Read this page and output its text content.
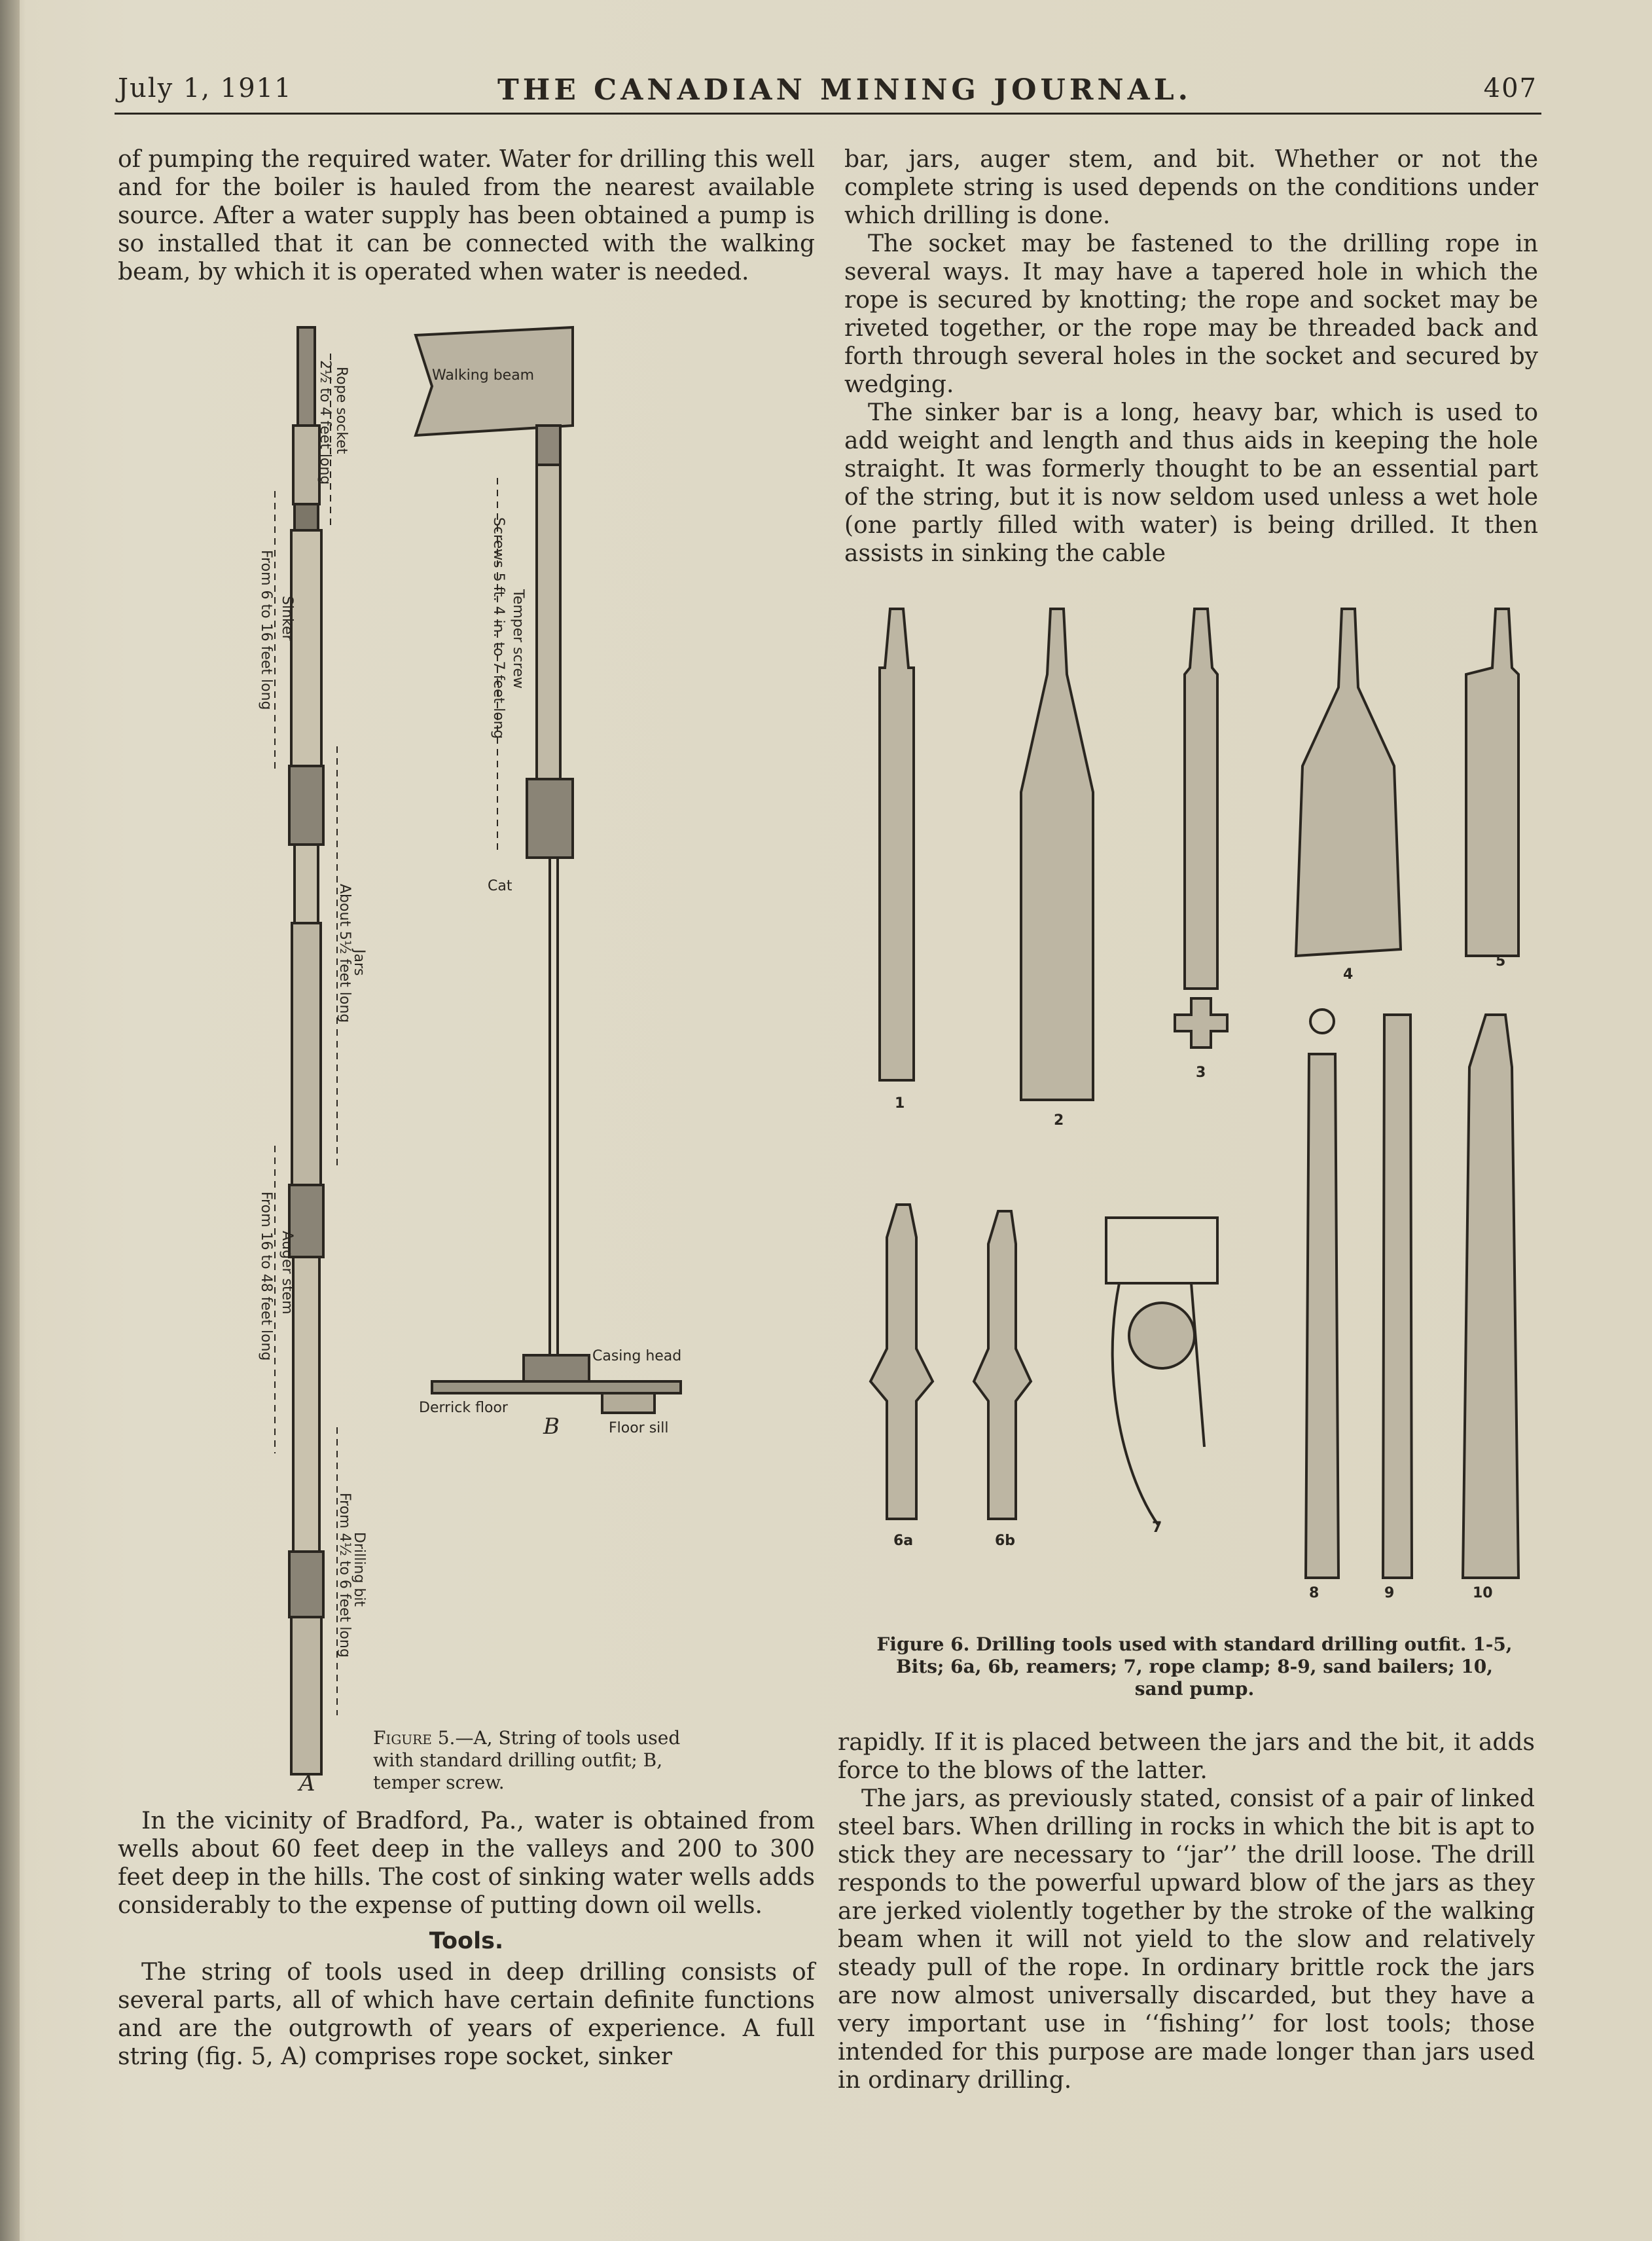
July 1, 1911	THE CANADIAN MINING JOURNAL.	407

of pumping the required water. Water for drilling this well and for the boiler is hauled from the nearest available source. After a water supply has been obtained a pump is so installed that it can be connected with the walking beam, by which it is operated when water is needed.

Rope socket
2½ to 4 feet long
Sinker
From 6 to 16 feet long
Jars
About 5½ feet long
Auger stem
From 16 to 48 feet long
Drilling bit
From 4½ to 6 feet long
Walking beam
Temper screw
Screws 5 ft. 4 in. to 7 feet long
Cat
Casing head
Derrick floor
Floor sill
B
A
Figure 5.—A, String of tools used with standard drilling outfit; B, temper screw.

In the vicinity of Bradford, Pa., water is obtained from wells about 60 feet deep in the valleys and 200 to 300 feet deep in the hills. The cost of sinking water wells adds considerably to the expense of putting down oil wells.

Tools.

The string of tools used in deep drilling consists of several parts, all of which have certain definite functions and are the outgrowth of years of experience. A full string (fig. 5, A) comprises rope socket, sinker

bar, jars, auger stem, and bit. Whether or not the complete string is used depends on the conditions under which drilling is done.

The socket may be fastened to the drilling rope in several ways. It may have a tapered hole in which the rope is secured by knotting; the rope and socket may be riveted together, or the rope may be threaded back and forth through several holes in the socket and secured by wedging.

The sinker bar is a long, heavy bar, which is used to add weight and length and thus aids in keeping the hole straight. It was formerly thought to be an essential part of the string, but it is now seldom used unless a wet hole (one partly filled with water) is being drilled. It then assists in sinking the cable

1
2
3
4
5
6a	6b
7
8	9	10
Figure 6. Drilling tools used with standard drilling outfit. 1-5, Bits; 6a, 6b, reamers; 7, rope clamp; 8-9, sand bailers; 10, sand pump.

rapidly. If it is placed between the jars and the bit, it adds force to the blows of the latter.

The jars, as previously stated, consist of a pair of linked steel bars. When drilling in rocks in which the bit is apt to stick they are necessary to ‘‘jar’’ the drill loose. The drill responds to the powerful upward blow of the jars as they are jerked violently together by the stroke of the walking beam when it will not yield to the slow and relatively steady pull of the rope. In ordinary brittle rock the jars are now almost universally discarded, but they have a very important use in ‘‘fishing’’ for lost tools; those intended for this purpose are made longer than jars used in ordinary drilling.
